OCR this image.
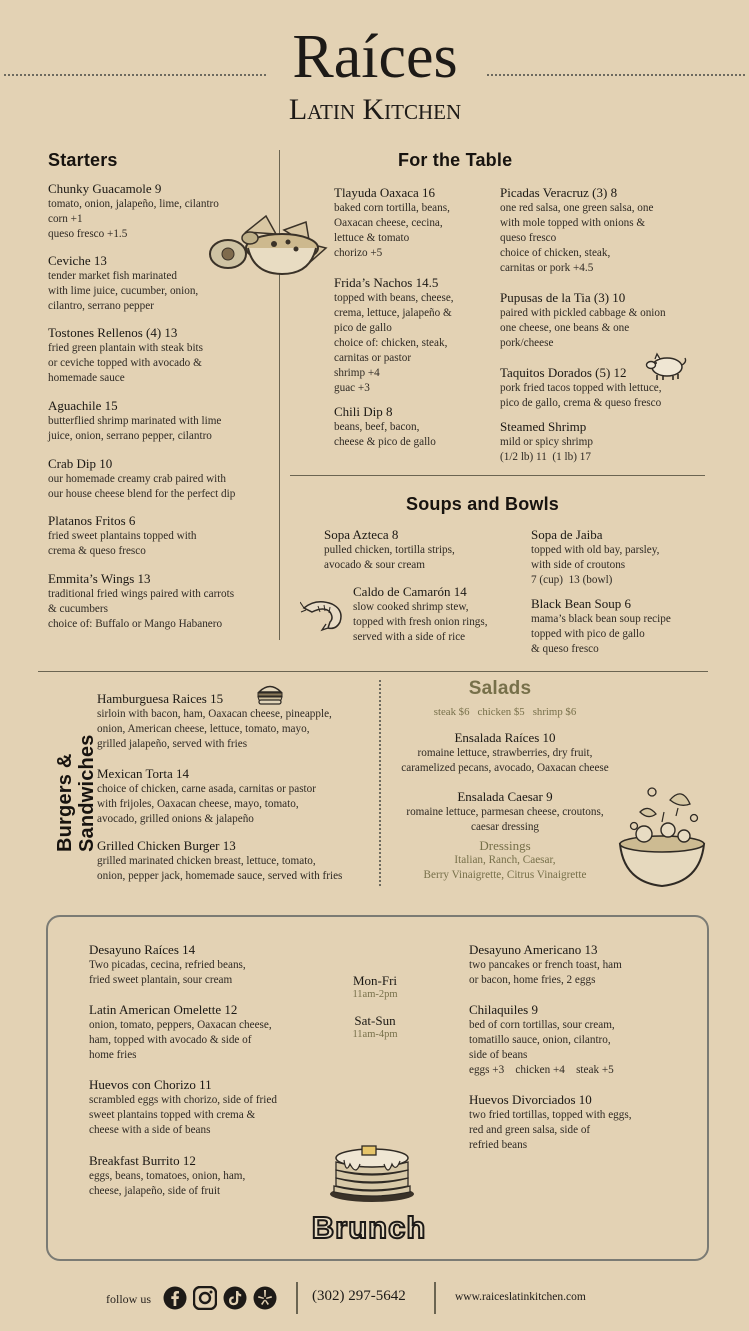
Raíces
Latin Kitchen
Starters
Chunky Guacamole 9
tomato, onion, jalapeño, lime, cilantro
corn +1
queso fresco +1.5
Ceviche 13
tender market fish marinated
with lime juice, cucumber, onion,
cilantro, serrano pepper
Tostones Rellenos (4) 13
fried green plantain with steak bits
or ceviche topped with avocado &
homemade sauce
Aguachile 15
butterflied shrimp marinated with lime
juice, onion, serrano pepper, cilantro
Crab Dip 10
our homemade creamy crab paired with
our house cheese blend for the perfect dip
Platanos Fritos 6
fried sweet plantains topped with
crema & queso fresco
Emmita’s Wings 13
traditional fried wings paired with carrots
& cucumbers
choice of: Buffalo or Mango Habanero
For the Table
Tlayuda Oaxaca 16
baked corn tortilla, beans,
Oaxacan cheese, cecina,
lettuce & tomato
chorizo +5
Frida’s Nachos 14.5
topped with beans, cheese,
crema, lettuce, jalapeño &
pico de gallo
choice of: chicken, steak,
carnitas or pastor
shrimp +4
guac +3
Chili Dip 8
beans, beef, bacon,
cheese & pico de gallo
Picadas Veracruz (3) 8
one red salsa, one green salsa, one
with mole topped with onions &
queso fresco
choice of chicken, steak,
carnitas or pork +4.5
Pupusas de la Tia (3) 10
paired with pickled cabbage & onion
one cheese, one beans & one
pork/cheese
Taquitos Dorados (5) 12
pork fried tacos topped with lettuce,
pico de gallo, crema & queso fresco
Steamed Shrimp
mild or spicy shrimp
(1/2 lb) 11  (1 lb) 17
Soups and Bowls
Sopa Azteca 8
pulled chicken, tortilla strips,
avocado & sour cream
Caldo de Camarón 14
slow cooked shrimp stew,
topped with fresh onion rings,
served with a side of rice
Sopa de Jaiba
topped with old bay, parsley,
with side of croutons
7 (cup)  13 (bowl)
Black Bean Soup 6
mama’s black bean soup recipe
topped with pico de gallo
& queso fresco
Burgers & Sandwiches
Hamburguesa Raices 15
sirloin with bacon, ham, Oaxacan cheese, pineapple,
onion, American cheese, lettuce, tomato, mayo,
grilled jalapeño, served with fries
Mexican Torta 14
choice of chicken, carne asada, carnitas or pastor
with frijoles, Oaxacan cheese, mayo, tomato,
avocado, grilled onions & jalapeño
Grilled Chicken Burger 13
grilled marinated chicken breast, lettuce, tomato,
onion, pepper jack, homemade sauce, served with fries
Salads
steak $6   chicken $5   shrimp $6
Ensalada Raíces 10
romaine lettuce, strawberries, dry fruit,
caramelized pecans, avocado, Oaxacan cheese
Ensalada Caesar 9
romaine lettuce, parmesan cheese, croutons,
caesar dressing
Dressings
Italian, Ranch, Caesar,
Berry Vinaigrette, Citrus Vinaigrette
Desayuno Raíces 14
Two picadas, cecina, refried beans,
fried sweet plantain, sour cream
Latin American Omelette 12
onion, tomato, peppers, Oaxacan cheese,
ham, topped with avocado & side of
home fries
Huevos con Chorizo 11
scrambled eggs with chorizo, side of fried
sweet plantains topped with crema &
cheese with a side of beans
Breakfast Burrito 12
eggs, beans, tomatoes, onion, ham,
cheese, jalapeño, side of fruit
Desayuno Americano 13
two pancakes or french toast, ham
or bacon, home fries, 2 eggs
Chilaquiles 9
bed of corn tortillas, sour cream,
tomatillo sauce, onion, cilantro,
side of beans
eggs +3    chicken +4    steak +5
Huevos Divorciados 10
two fried tortillas, topped with eggs,
red and green salsa, side of
refried beans
Mon-Fri
11am-2pm
Sat-Sun
11am-4pm
Brunch
follow us	(302) 297-5642	www.raiceslatinkitchen.com
